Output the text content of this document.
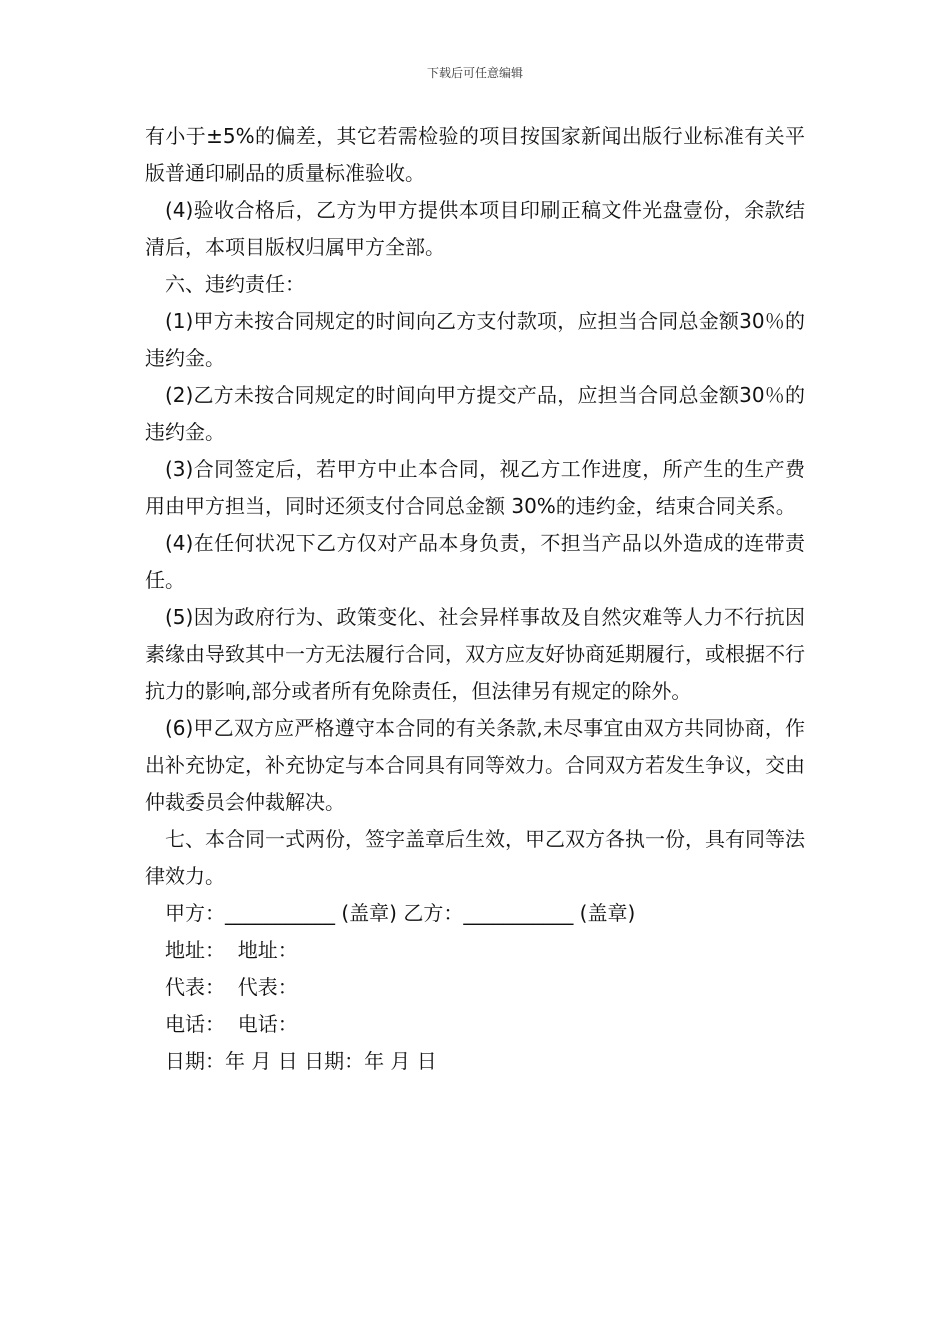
下载后可任意编辑

有小于±5%的偏差，其它若需检验的项目按国家新闻出版行业标准有关平版普通印刷品的质量标准验收。

(4)验收合格后，乙方为甲方提供本项目印刷正稿文件光盘壹份，余款结清后，本项目版权归属甲方全部。

六、违约责任：

(1)甲方未按合同规定的时间向乙方支付款项，应担当合同总金额30％的违约金。

(2)乙方未按合同规定的时间向甲方提交产品，应担当合同总金额30％的违约金。

(3)合同签定后，若甲方中止本合同，视乙方工作进度，所产生的生产费用由甲方担当，同时还须支付合同总金额 30%的违约金，结束合同关系。

(4)在任何状况下乙方仅对产品本身负责，不担当产品以外造成的连带责任。

(5)因为政府行为、政策变化、社会异样事故及自然灾难等人力不行抗因素缘由导致其中一方无法履行合同，双方应友好协商延期履行，或根据不行抗力的影响,部分或者所有免除责任，但法律另有规定的除外。

(6)甲乙双方应严格遵守本合同的有关条款,未尽事宜由双方共同协商，作出补充协定，补充协定与本合同具有同等效力。合同双方若发生争议，交由仲裁委员会仲裁解决。

七、本合同一式两份，签字盖章后生效，甲乙双方各执一份，具有同等法律效力。

甲方：___________ (盖章) 乙方：___________ (盖章)

地址：  地址：

代表：  代表：

电话：  电话：

日期：年 月 日 日期：年 月 日
